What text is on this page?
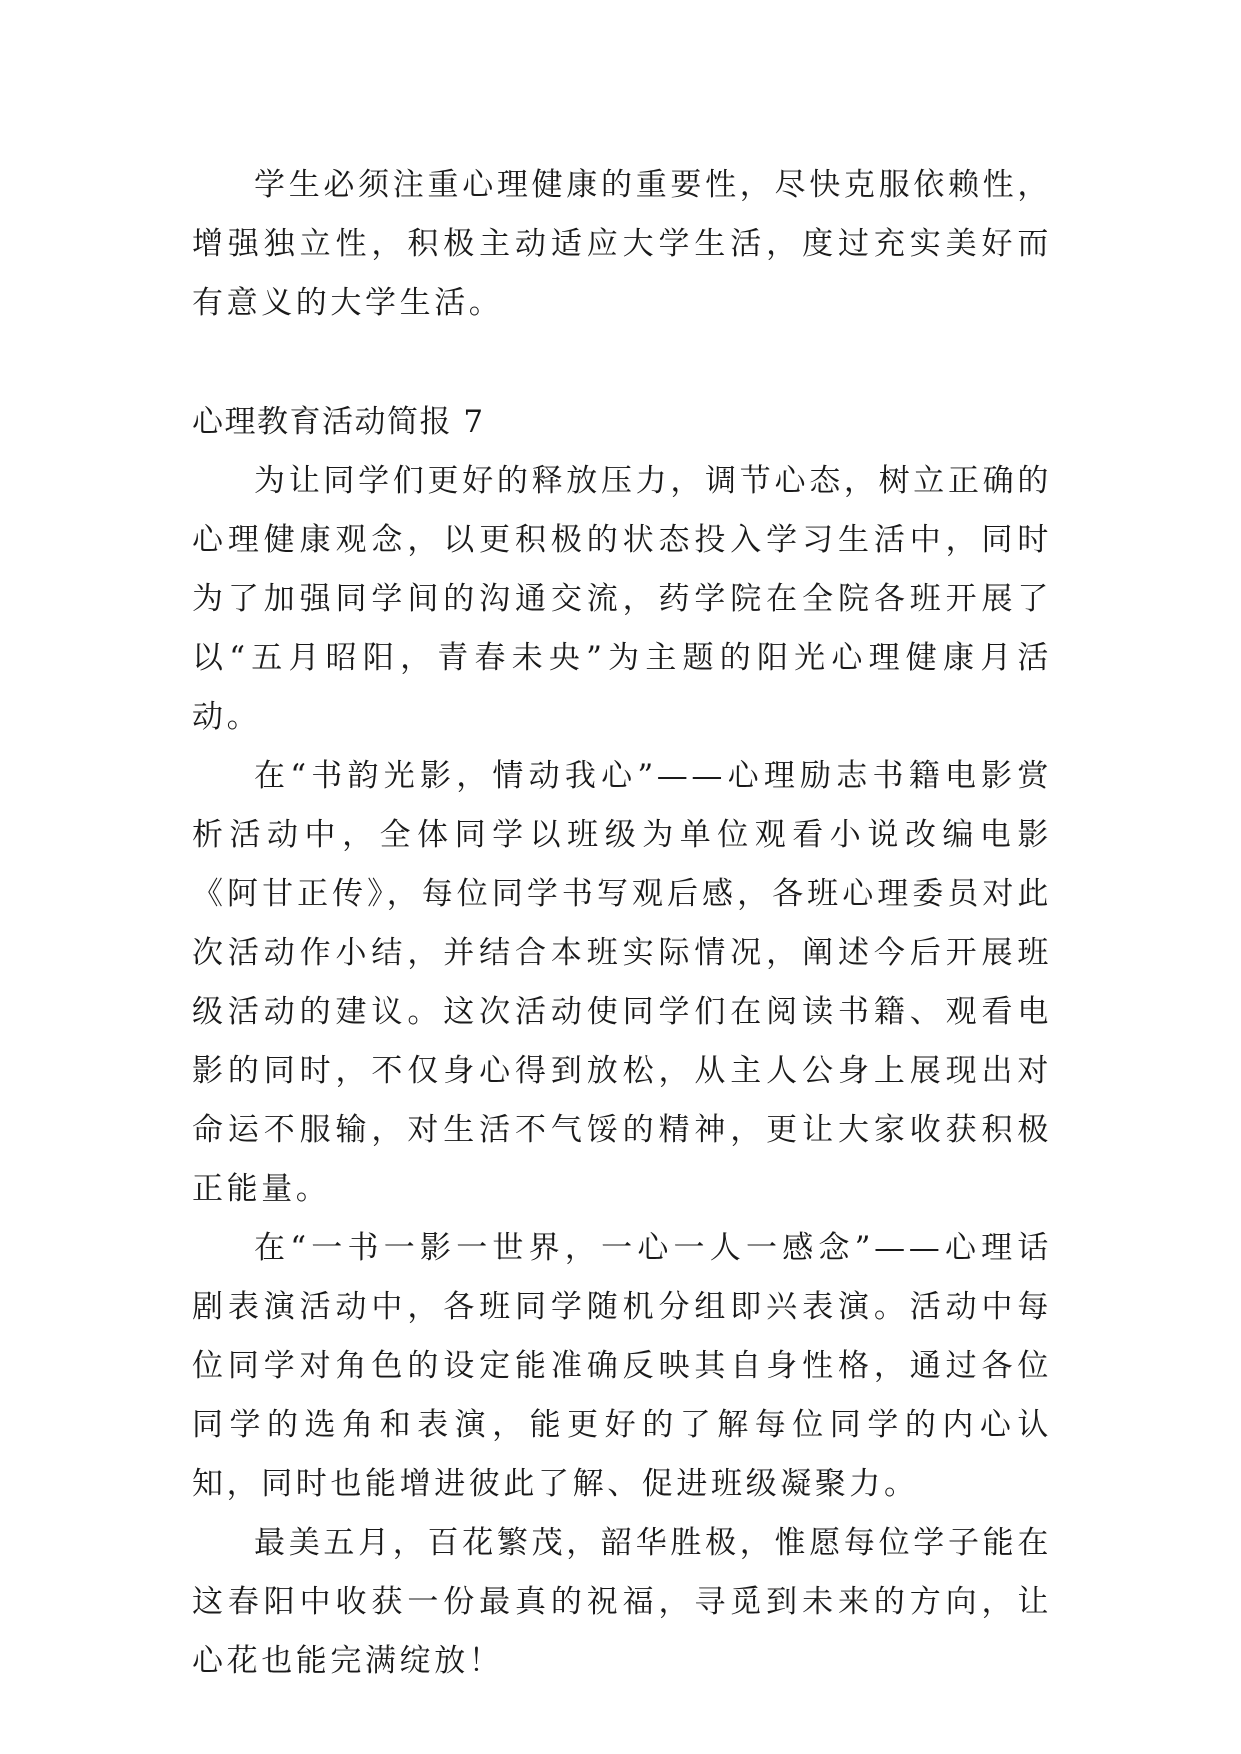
学生必须注重心理健康的重要性，尽快克服依赖性，增强独立性，积极主动适应大学生活，度过充实美好而有意义的大学生活。

心理教育活动简报 7

为让同学们更好的释放压力，调节心态，树立正确的心理健康观念，以更积极的状态投入学习生活中，同时为了加强同学间的沟通交流，药学院在全院各班开展了以“五月昭阳，青春未央”为主题的阳光心理健康月活动。

在“书韵光影，情动我心”——心理励志书籍电影赏析活动中，全体同学以班级为单位观看小说改编电影《阿甘正传》，每位同学书写观后感，各班心理委员对此次活动作小结，并结合本班实际情况，阐述今后开展班级活动的建议。这次活动使同学们在阅读书籍、观看电影的同时，不仅身心得到放松，从主人公身上展现出对命运不服输，对生活不气馁的精神，更让大家收获积极正能量。

在“一书一影一世界，一心一人一感念”——心理话剧表演活动中，各班同学随机分组即兴表演。活动中每位同学对角色的设定能准确反映其自身性格，通过各位同学的选角和表演，能更好的了解每位同学的内心认知，同时也能增进彼此了解、促进班级凝聚力。

最美五月，百花繁茂，韶华胜极，惟愿每位学子能在这春阳中收获一份最真的祝福，寻觅到未来的方向，让心花也能完满绽放！
